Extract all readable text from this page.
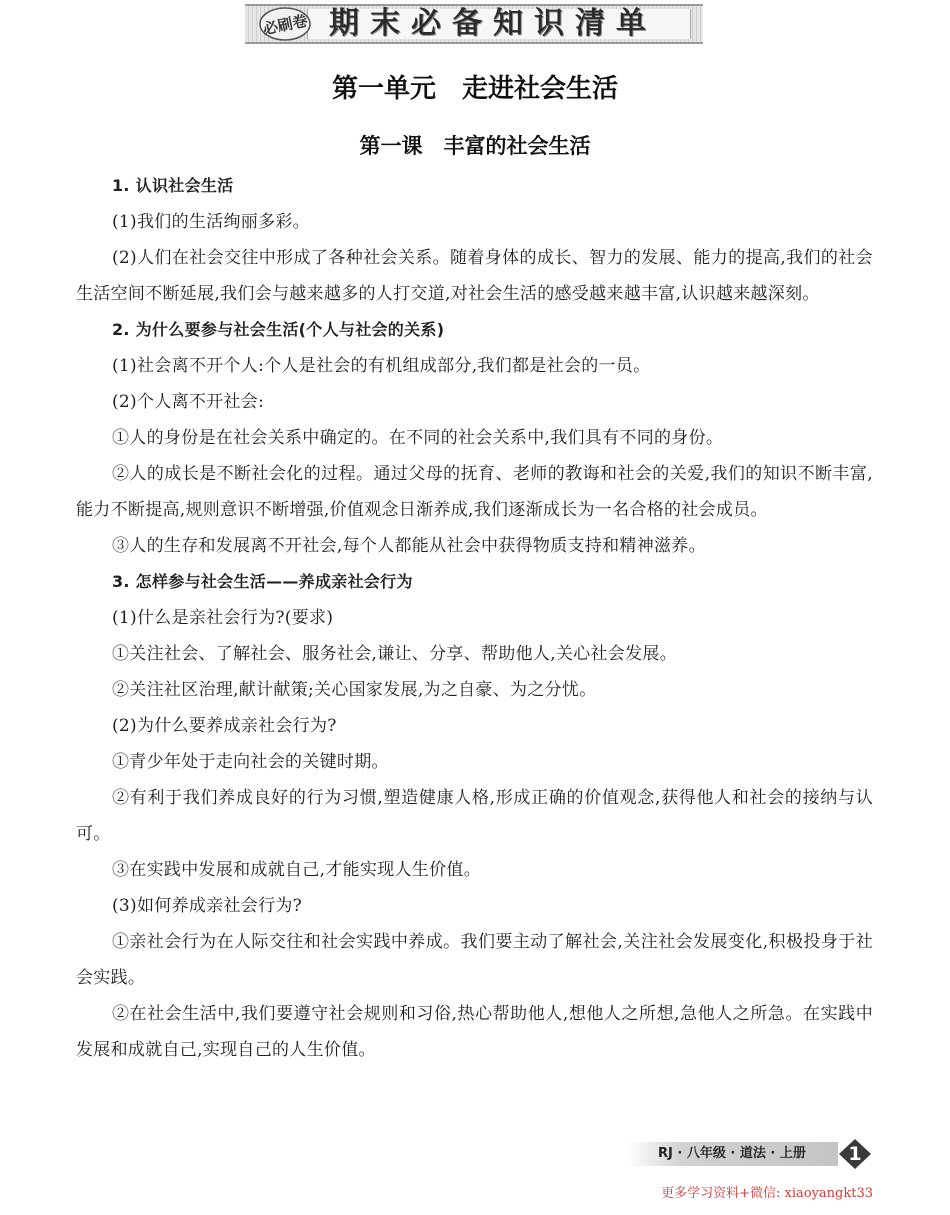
必刷卷 期末必备知识清单
第一单元　走进社会生活
第一课　丰富的社会生活

1. 认识社会生活

(1)我们的生活绚丽多彩。

(2)人们在社会交往中形成了各种社会关系。随着身体的成长、智力的发展、能力的提高,我们的社会生活空间不断延展,我们会与越来越多的人打交道,对社会生活的感受越来越丰富,认识越来越深刻。

2. 为什么要参与社会生活(个人与社会的关系)

(1)社会离不开个人:个人是社会的有机组成部分,我们都是社会的一员。

(2)个人离不开社会:

①人的身份是在社会关系中确定的。在不同的社会关系中,我们具有不同的身份。

②人的成长是不断社会化的过程。通过父母的抚育、老师的教诲和社会的关爱,我们的知识不断丰富,能力不断提高,规则意识不断增强,价值观念日渐养成,我们逐渐成长为一名合格的社会成员。

③人的生存和发展离不开社会,每个人都能从社会中获得物质支持和精神滋养。

3. 怎样参与社会生活——养成亲社会行为

(1)什么是亲社会行为?(要求)

①关注社会、了解社会、服务社会,谦让、分享、帮助他人,关心社会发展。

②关注社区治理,献计献策;关心国家发展,为之自豪、为之分忧。

(2)为什么要养成亲社会行为?

①青少年处于走向社会的关键时期。

②有利于我们养成良好的行为习惯,塑造健康人格,形成正确的价值观念,获得他人和社会的接纳与认可。

③在实践中发展和成就自己,才能实现人生价值。

(3)如何养成亲社会行为?

①亲社会行为在人际交往和社会实践中养成。我们要主动了解社会,关注社会发展变化,积极投身于社会实践。

②在社会生活中,我们要遵守社会规则和习俗,热心帮助他人,想他人之所想,急他人之所急。在实践中发展和成就自己,实现自己的人生价值。

RJ · 八年级 · 道法 · 上册	1
更多学习资料+微信: xiaoyangkt33
